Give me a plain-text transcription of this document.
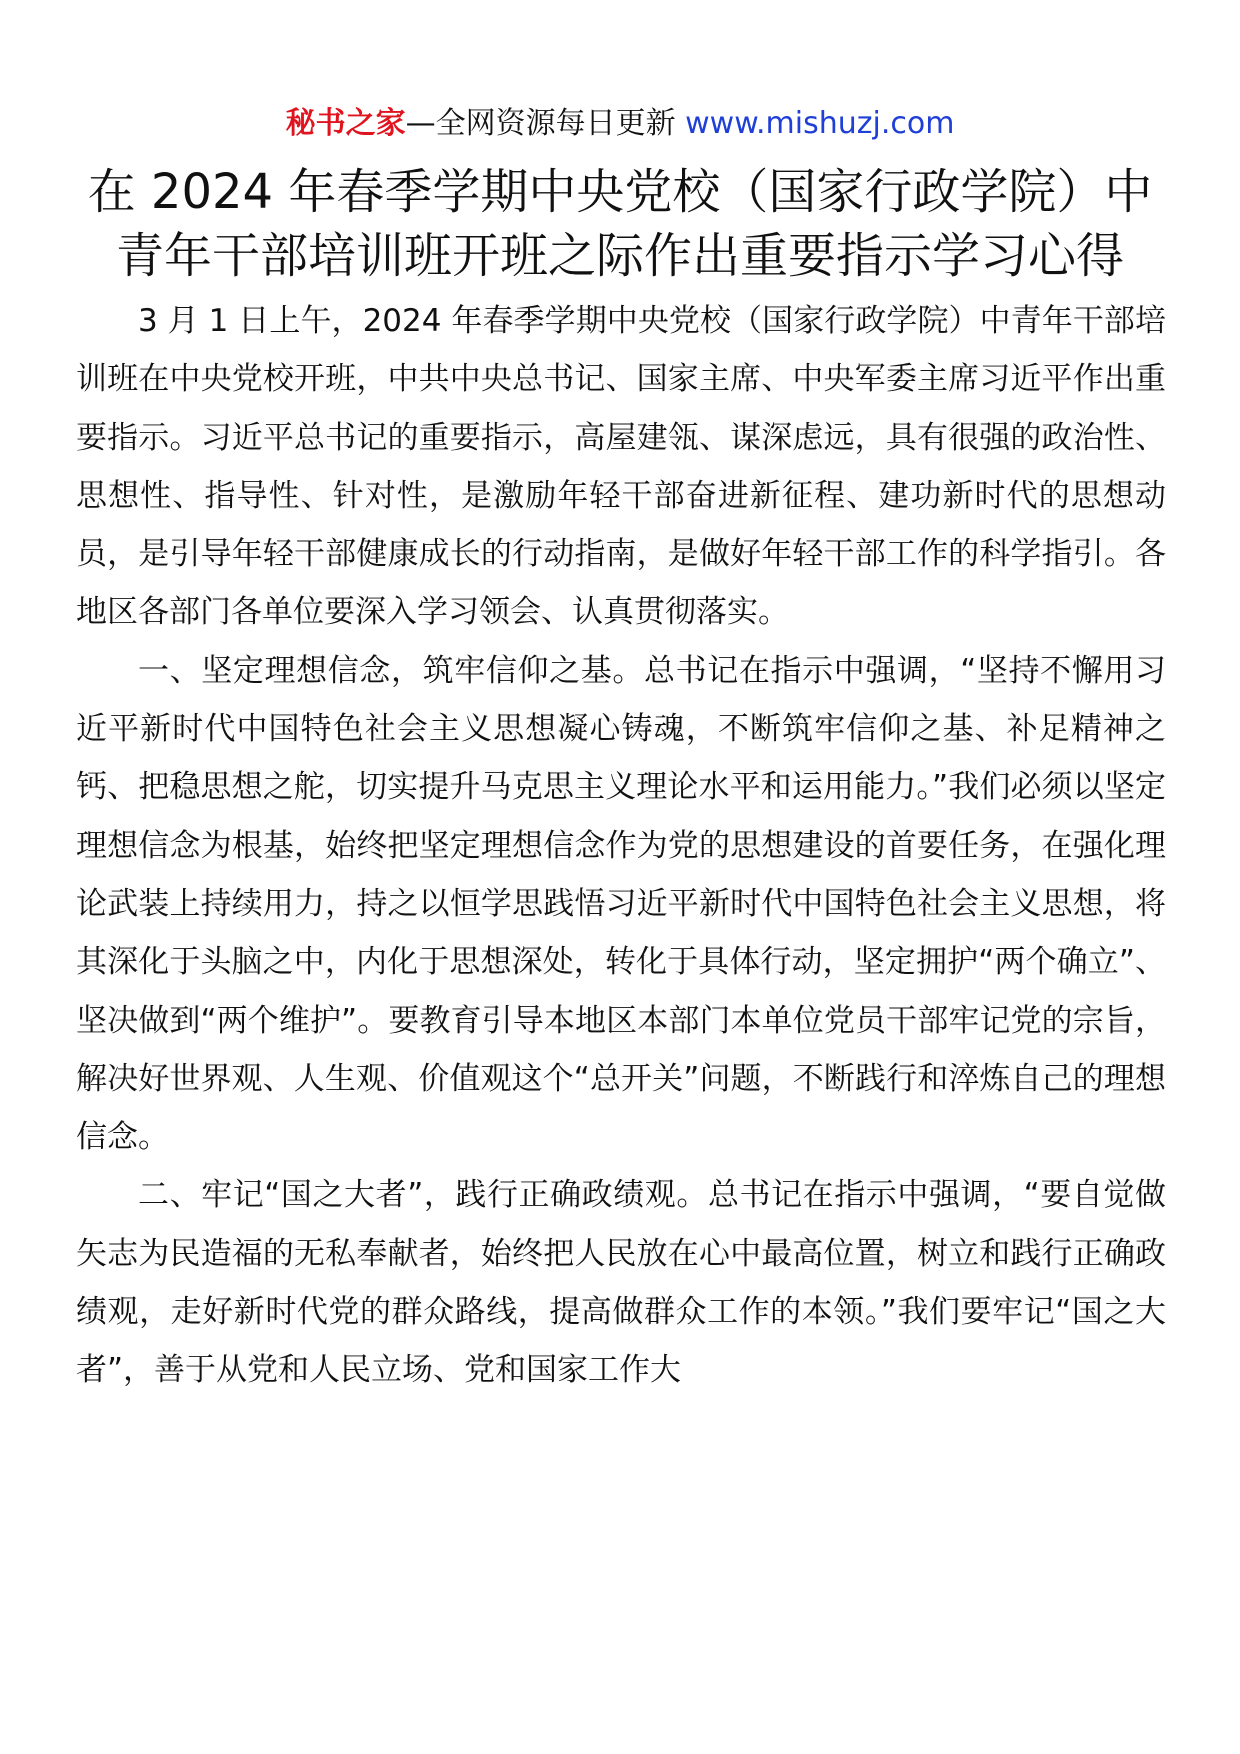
秘书之家—全网资源每日更新 www.mishuzj.com
在 2024 年春季学期中央党校（国家行政学院）中青年干部培训班开班之际作出重要指示学习心得

3 月 1 日上午，2024 年春季学期中央党校（国家行政学院）中青年干部培训班在中央党校开班，中共中央总书记、国家主席、中央军委主席习近平作出重要指示。习近平总书记的重要指示，高屋建瓴、谋深虑远，具有很强的政治性、思想性、指导性、针对性，是激励年轻干部奋进新征程、建功新时代的思想动员，是引导年轻干部健康成长的行动指南，是做好年轻干部工作的科学指引。各地区各部门各单位要深入学习领会、认真贯彻落实。

一、坚定理想信念，筑牢信仰之基。总书记在指示中强调，“坚持不懈用习近平新时代中国特色社会主义思想凝心铸魂，不断筑牢信仰之基、补足精神之钙、把稳思想之舵，切实提升马克思主义理论水平和运用能力。”我们必须以坚定理想信念为根基，始终把坚定理想信念作为党的思想建设的首要任务，在强化理论武装上持续用力，持之以恒学思践悟习近平新时代中国特色社会主义思想，将其深化于头脑之中，内化于思想深处，转化于具体行动，坚定拥护“两个确立”、坚决做到“两个维护”。要教育引导本地区本部门本单位党员干部牢记党的宗旨，解决好世界观、人生观、价值观这个“总开关”问题，不断践行和淬炼自己的理想信念。

二、牢记“国之大者”，践行正确政绩观。总书记在指示中强调，“要自觉做矢志为民造福的无私奉献者，始终把人民放在心中最高位置，树立和践行正确政绩观，走好新时代党的群众路线，提高做群众工作的本领。”我们要牢记“国之大者”，善于从党和人民立场、党和国家工作大
